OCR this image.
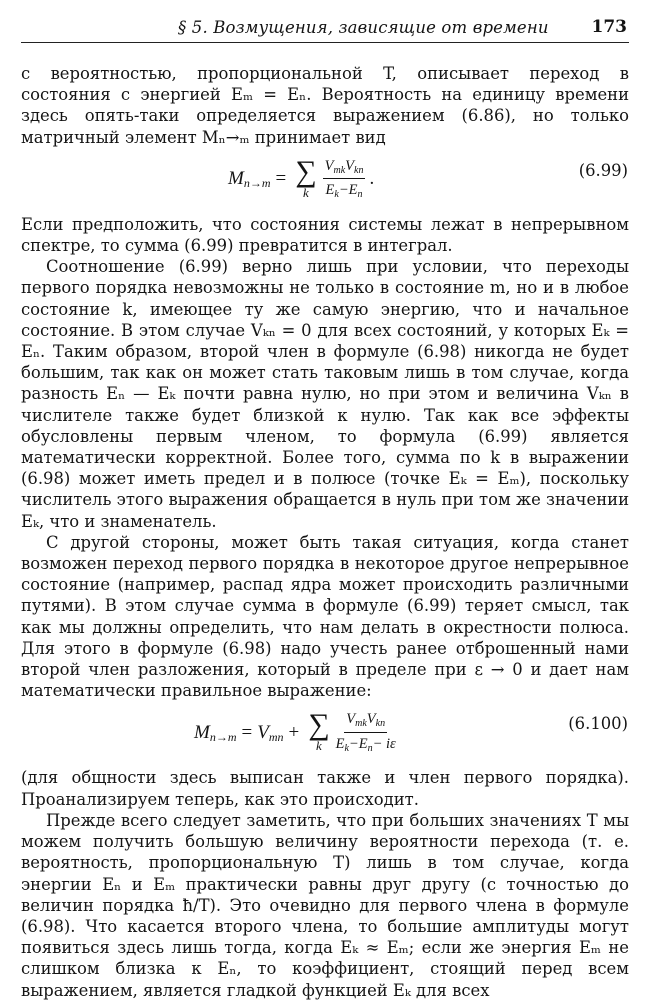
§ 5. Возмущения, зависящие от времени	173

с вероятностью, пропорциональной T, описывает переход в состояния с энергией Eₘ = Eₙ. Вероятность на единицу времени здесь опять-таки определяется выражением (6.86), но только матричный элемент Mₙ→ₘ принимает вид

$M_{n\to m}$ = ∑
k $\frac{V_{mk}V_{kn}}{E_k-E_n}$ .	(6.99)

Если предположить, что состояния системы лежат в непрерывном спектре, то сумма (6.99) превратится в интеграл.

Соотношение (6.99) верно лишь при условии, что переходы первого порядка невозможны не только в состояние m, но и в любое состояние k, имеющее ту же самую энергию, что и начальное состояние. В этом случае Vₖₙ = 0 для всех состояний, у которых Eₖ = Eₙ. Таким образом, второй член в формуле (6.98) никогда не будет большим, так как он может стать таковым лишь в том случае, когда разность Eₙ — Eₖ почти равна нулю, но при этом и величина Vₖₙ в числителе также будет близкой к нулю. Так как все эффекты обусловлены первым членом, то формула (6.99) является математически корректной. Более того, сумма по k в выражении (6.98) может иметь предел и в полюсе (точке Eₖ = Eₘ), поскольку числитель этого выражения обращается в нуль при том же значении Eₖ, что и знаменатель.

С другой стороны, может быть такая ситуация, когда станет возможен переход первого порядка в некоторое другое непрерывное состояние (например, распад ядра может происходить различными путями). В этом случае сумма в формуле (6.99) теряет смысл, так как мы должны определить, что нам делать в окрестности полюса. Для этого в формуле (6.98) надо учесть ранее отброшенный нами второй член разложения, который в пределе при ε → 0 и дает нам математически правильное выражение:

$M_{n\to m} = V_{mn}$ + ∑
k $\frac{V_{mk}V_{kn}}{E_k-E_n- i\varepsilon}$	(6.100)

(для общности здесь выписан также и член первого порядка). Проанализируем теперь, как это происходит.

Прежде всего следует заметить, что при больших значениях T мы можем получить большую величину вероятности перехода (т. е. вероятность, пропорциональную T) лишь в том случае, когда энергии Eₙ и Eₘ практически равны друг другу (с точностью до величин порядка ħ/T). Это очевидно для первого члена в формуле (6.98). Что касается второго члена, то большие амплитуды могут появиться здесь лишь тогда, когда Eₖ ≈ Eₘ; если же энергия Eₘ не слишком близка к Eₙ, то коэффициент, стоящий перед всем выражением, является гладкой функцией Eₖ для всех
